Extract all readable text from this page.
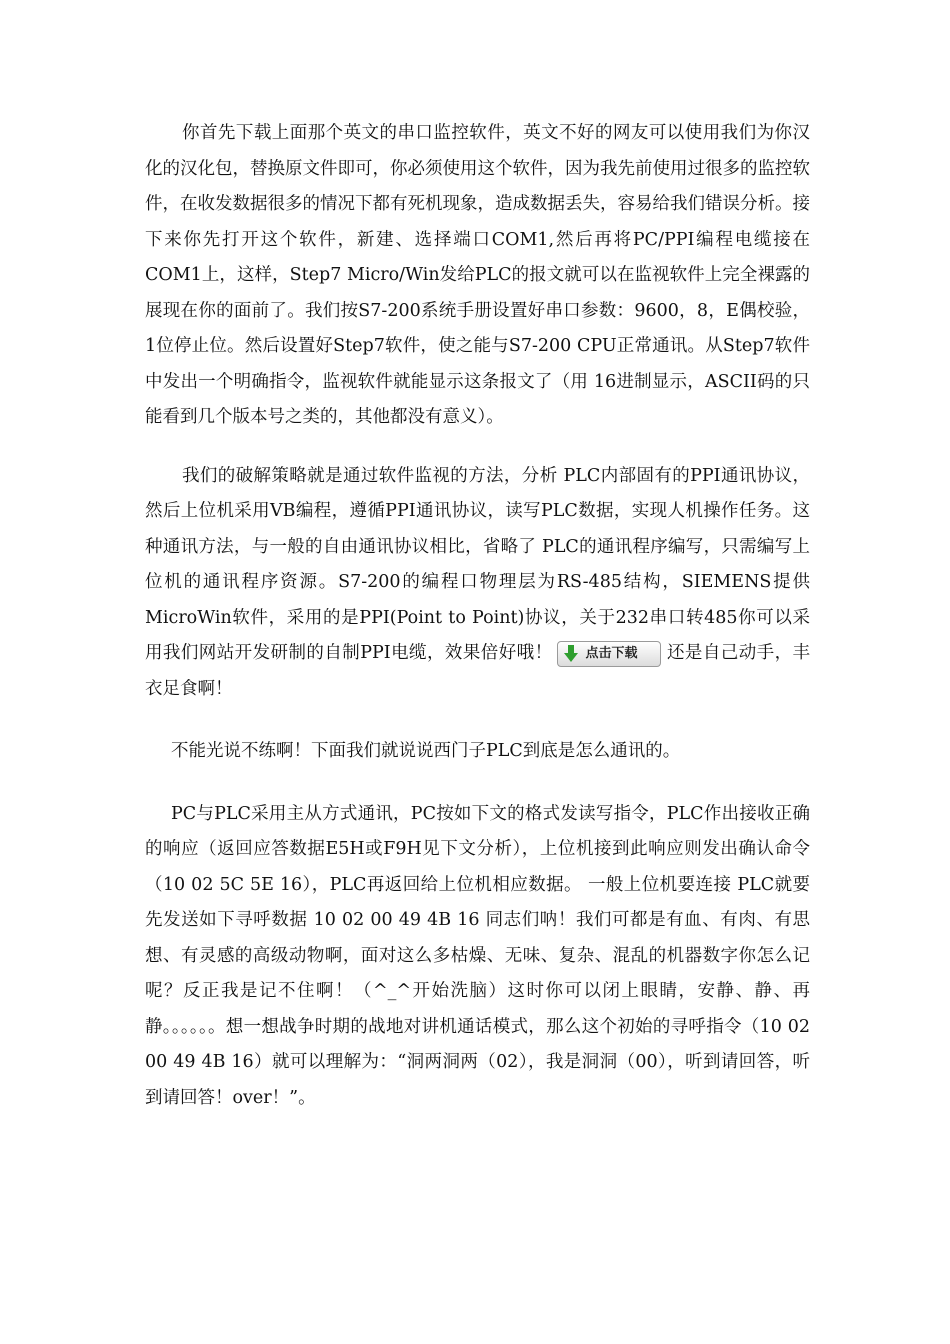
你首先下载上面那个英文的串口监控软件，英文不好的网友可以使用我们为你汉化的汉化包，替换原文件即可，你必须使用这个软件，因为我先前使用过很多的监控软件，在收发数据很多的情况下都有死机现象，造成数据丢失，容易给我们错误分析。接下来你先打开这个软件，新建、选择端口COM1,然后再将PC/PPI编程电缆接在COM1上，这样，Step7 Micro/Win发给PLC的报文就可以在监视软件上完全裸露的展现在你的面前了。我们按S7-200系统手册设置好串口参数：9600，8，E偶校验，1位停止位。然后设置好Step7软件，使之能与S7-200 CPU正常通讯。从Step7软件中发出一个明确指令，监视软件就能显示这条报文了（用 16进制显示，ASCII码的只能看到几个版本号之类的，其他都没有意义）。

我们的破解策略就是通过软件监视的方法，分析 PLC内部固有的PPI通讯协议，然后上位机采用VB编程，遵循PPI通讯协议，读写PLC数据，实现人机操作任务。这种通讯方法，与一般的自由通讯协议相比，省略了 PLC的通讯程序编写，只需编写上位机的通讯程序资源。S7-200的编程口物理层为RS-485结构，SIEMENS提供MicroWin软件，采用的是PPI(Point to Point)协议，关于232串口转485你可以采用我们网站开发研制的自制PPI电缆，效果倍好哦！	点击下载 还是自己动手，丰衣足食啊！

不能光说不练啊！下面我们就说说西门子PLC到底是怎么通讯的。

PC与PLC采用主从方式通讯，PC按如下文的格式发读写指令，PLC作出接收正确的响应（返回应答数据E5H或F9H见下文分析），上位机接到此响应则发出确认命令（10 02 5C 5E 16），PLC再返回给上位机相应数据。 一般上位机要连接 PLC就要先发送如下寻呼数据 10 02 00 49 4B 16 同志们呐！我们可都是有血、有肉、有思想、有灵感的高级动物啊，面对这么多枯燥、无味、复杂、混乱的机器数字你怎么记呢？反正我是记不住啊！（^_^开始洗脑）这时你可以闭上眼睛，安静、静、再静。。。。。。想一想战争时期的战地对讲机通话模式，那么这个初始的寻呼指令（10 02 00 49 4B 16）就可以理解为：“洞两洞两（02），我是洞洞（00），听到请回答，听到请回答！over！”。
